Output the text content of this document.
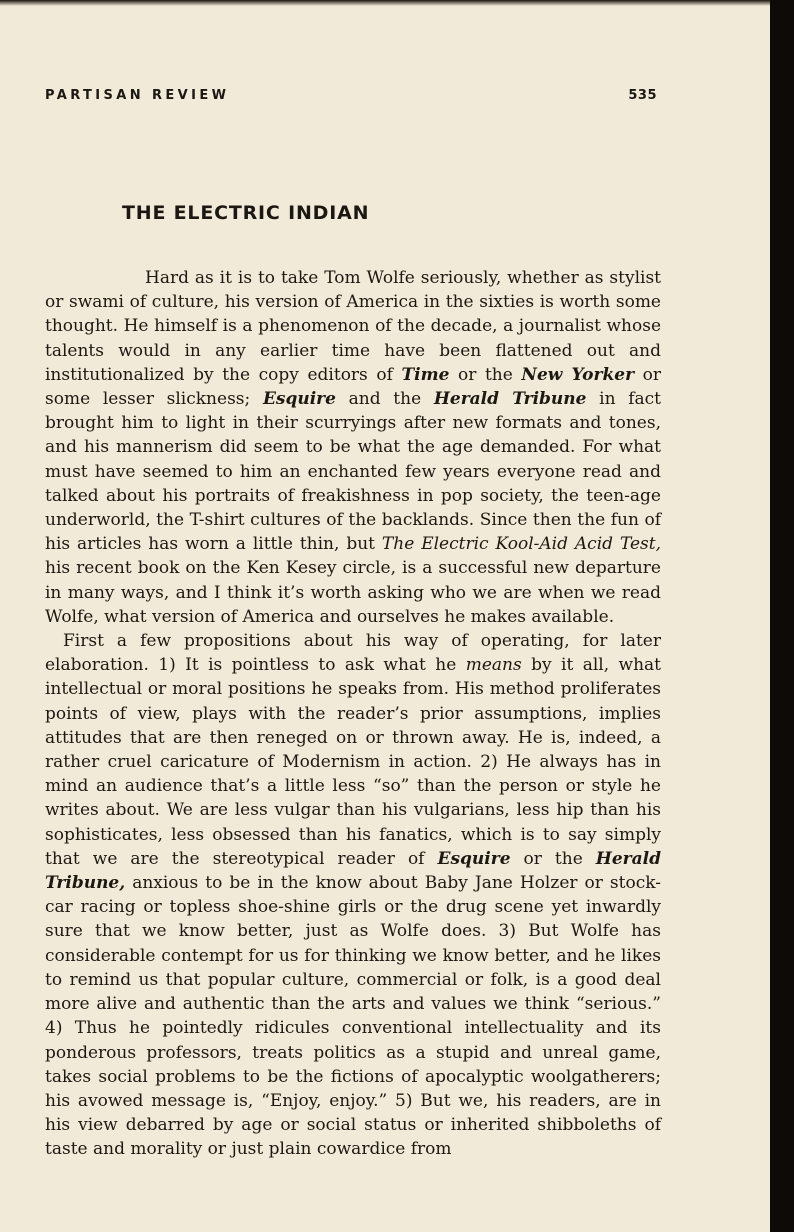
PARTISAN REVIEW	535
THE ELECTRIC INDIAN

Hard as it is to take Tom Wolfe seriously, whether as stylist or swami of culture, his version of America in the sixties is worth some thought. He himself is a phenomenon of the decade, a journalist whose talents would in any earlier time have been flattened out and institutionalized by the copy editors of Time or the New Yorker or some lesser slickness; Esquire and the Herald Tribune in fact brought him to light in their scurryings after new formats and tones, and his mannerism did seem to be what the age demanded. For what must have seemed to him an enchanted few years everyone read and talked about his portraits of freakishness in pop society, the teen-age underworld, the T-shirt cultures of the backlands. Since then the fun of his articles has worn a little thin, but The Electric Kool-Aid Acid Test, his recent book on the Ken Kesey circle, is a successful new departure in many ways, and I think it’s worth asking who we are when we read Wolfe, what version of America and ourselves he makes available.

First a few propositions about his way of operating, for later elaboration. 1) It is pointless to ask what he means by it all, what intellectual or moral positions he speaks from. His method proliferates points of view, plays with the reader’s prior assumptions, implies attitudes that are then reneged on or thrown away. He is, indeed, a rather cruel caricature of Modernism in action. 2) He always has in mind an audience that’s a little less “so” than the person or style he writes about. We are less vulgar than his vulgarians, less hip than his sophisticates, less obsessed than his fanatics, which is to say simply that we are the stereotypical reader of Esquire or the Herald Tribune, anxious to be in the know about Baby Jane Holzer or stock-car racing or topless shoe-shine girls or the drug scene yet inwardly sure that we know better, just as Wolfe does. 3) But Wolfe has considerable contempt for us for thinking we know better, and he likes to remind us that popular culture, commercial or folk, is a good deal more alive and authentic than the arts and values we think “serious.” 4) Thus he pointedly ridicules conventional intellectuality and its ponderous professors, treats politics as a stupid and unreal game, takes social problems to be the fictions of apocalyptic woolgatherers; his avowed message is, “Enjoy, enjoy.” 5) But we, his readers, are in his view debarred by age or social status or inherited shibboleths of taste and morality or just plain cowardice from
